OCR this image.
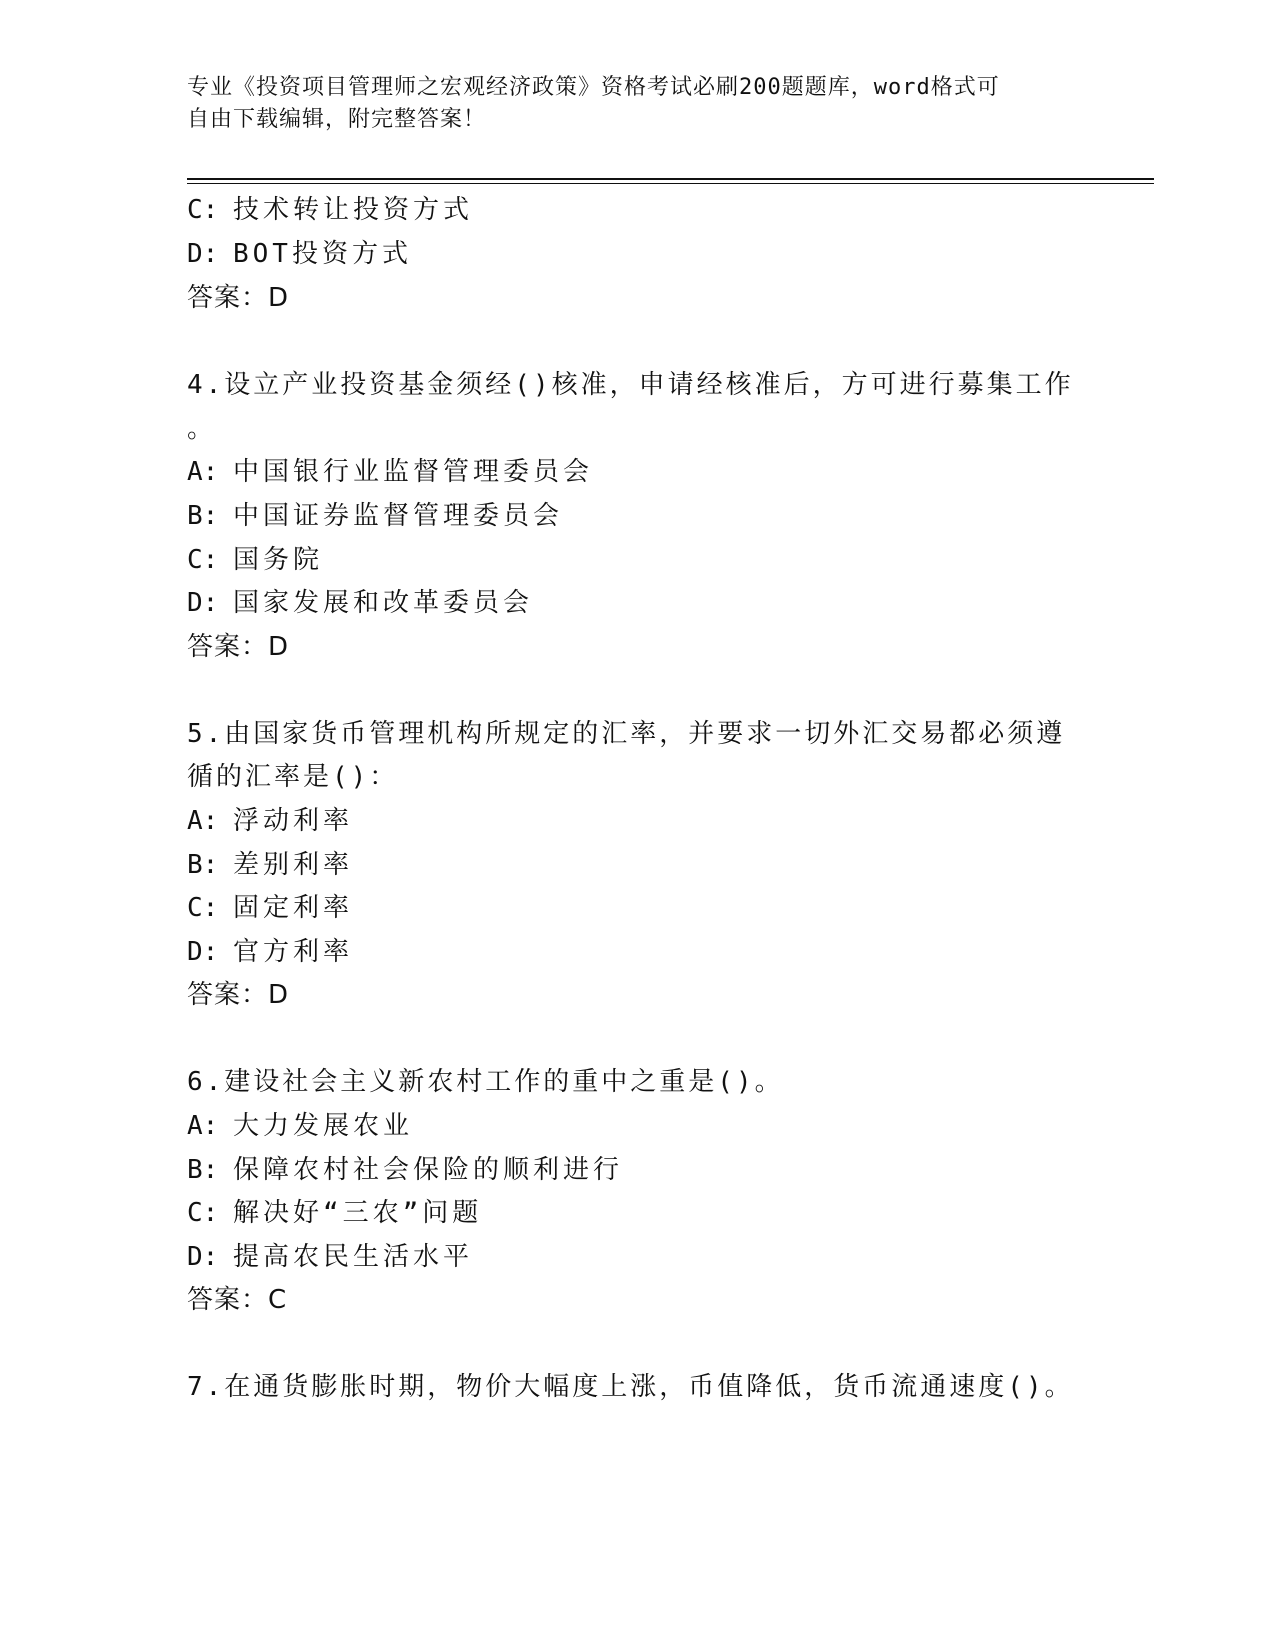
专业《投资项目管理师之宏观经济政策》资格考试必刷200题题库，word格式可
自由下载编辑，附完整答案！
C: 技术转让投资方式
D: BOT投资方式
答案：D
4.设立产业投资基金须经()核准，申请经核准后，方可进行募集工作
。
A: 中国银行业监督管理委员会
B: 中国证券监督管理委员会
C: 国务院
D: 国家发展和改革委员会
答案：D
5.由国家货币管理机构所规定的汇率，并要求一切外汇交易都必须遵
循的汇率是()：
A: 浮动利率
B: 差别利率
C: 固定利率
D: 官方利率
答案：D
6.建设社会主义新农村工作的重中之重是()。
A: 大力发展农业
B: 保障农村社会保险的顺利进行
C: 解决好“三农”问题
D: 提高农民生活水平
答案：C
7.在通货膨胀时期，物价大幅度上涨，币值降低，货币流通速度()。
